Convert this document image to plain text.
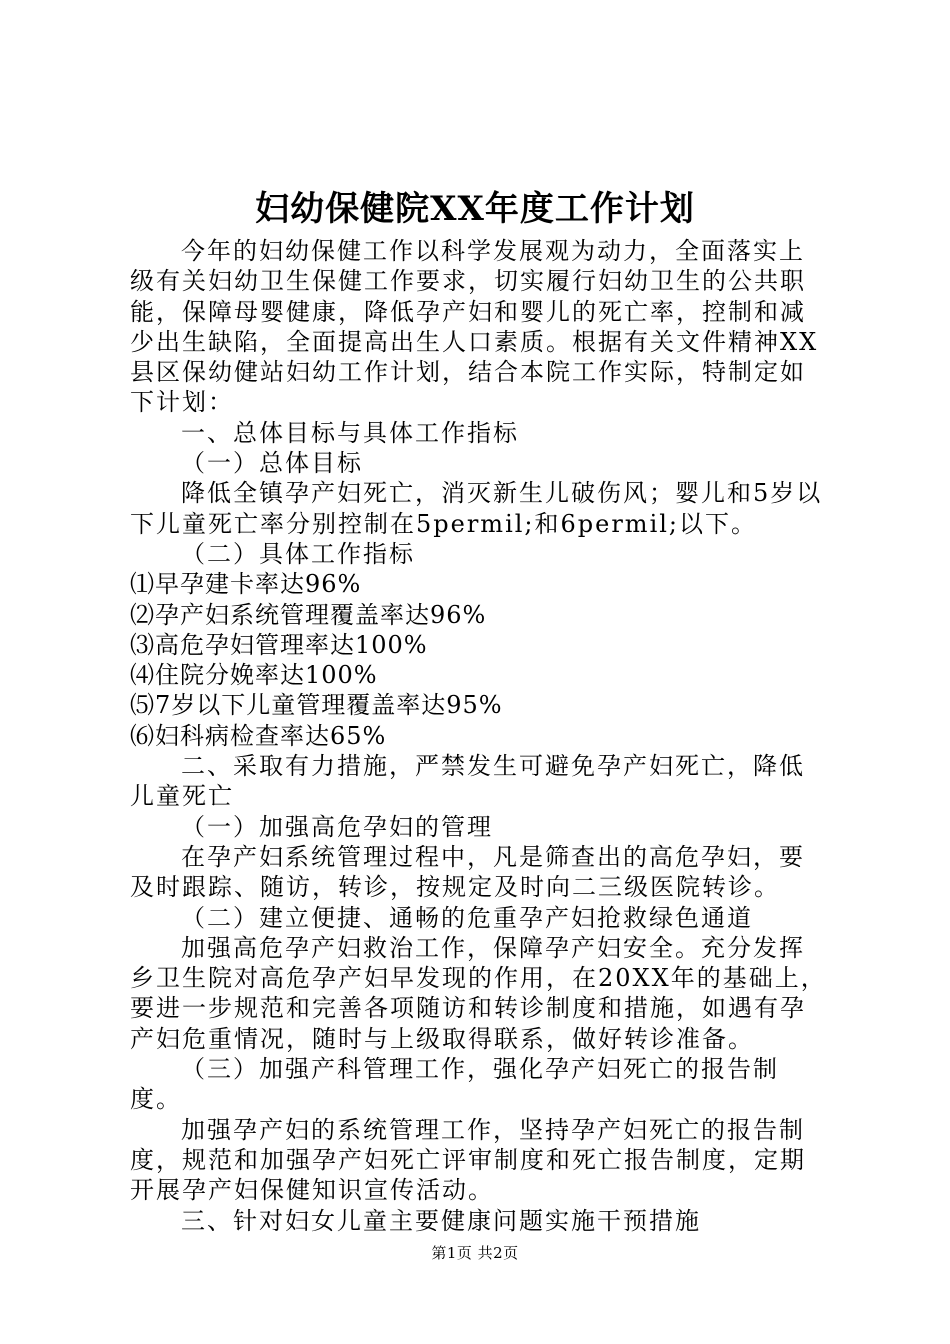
妇幼保健院XX年度工作计划

今年的妇幼保健工作以科学发展观为动力，全面落实上级有关妇幼卫生保健工作要求，切实履行妇幼卫生的公共职能，保障母婴健康，降低孕产妇和婴儿的死亡率，控制和减少出生缺陷，全面提高出生人口素质。根据有关文件精神XX县区保幼健站妇幼工作计划，结合本院工作实际，特制定如下计划：

一、总体目标与具体工作指标

（一）总体目标

降低全镇孕产妇死亡，消灭新生儿破伤风；婴儿和5岁以下儿童死亡率分别控制在5permil;和6permil;以下。

（二）具体工作指标

⑴早孕建卡率达96%

⑵孕产妇系统管理覆盖率达96%

⑶高危孕妇管理率达100%

⑷住院分娩率达100%

⑸7岁以下儿童管理覆盖率达95%

⑹妇科病检查率达65%

二、采取有力措施，严禁发生可避免孕产妇死亡，降低儿童死亡

（一）加强高危孕妇的管理

在孕产妇系统管理过程中，凡是筛查出的高危孕妇，要及时跟踪、随访，转诊，按规定及时向二三级医院转诊。

（二）建立便捷、通畅的危重孕产妇抢救绿色通道

加强高危孕产妇救治工作，保障孕产妇安全。充分发挥乡卫生院对高危孕产妇早发现的作用，在20XX年的基础上，要进一步规范和完善各项随访和转诊制度和措施，如遇有孕产妇危重情况，随时与上级取得联系，做好转诊准备。

（三）加强产科管理工作，强化孕产妇死亡的报告制度。

加强孕产妇的系统管理工作，坚持孕产妇死亡的报告制度，规范和加强孕产妇死亡评审制度和死亡报告制度，定期开展孕产妇保健知识宣传活动。

三、针对妇女儿童主要健康问题实施干预措施

第1页 共2页
